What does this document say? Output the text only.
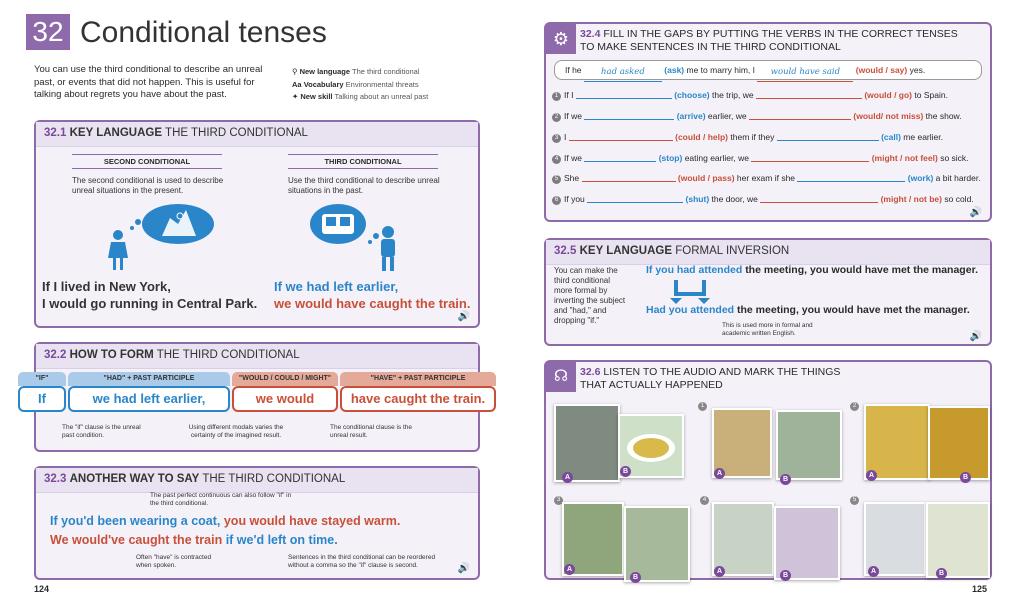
32 Conditional tenses
You can use the third conditional to describe an unreal past, or events that did not happen. This is useful for talking about regrets you have about the past.
⚲ New language The third conditional
Aa Vocabulary Environmental threats
✦ New skill Talking about an unreal past
32.1 KEY LANGUAGE THE THIRD CONDITIONAL
SECOND CONDITIONAL
The second conditional is used to describe unreal situations in the present.
THIRD CONDITIONAL
Use the third conditional to describe unreal situations in the past.
If I lived in New York,
I would go running in Central Park.
If we had left earlier,
we would have caught the train.
🔊
32.2 HOW TO FORM THE THIRD CONDITIONAL
"IF"	"HAD" + PAST PARTICIPLE	"WOULD / COULD / MIGHT"	"HAVE" + PAST PARTICIPLE
If	we had left earlier,	we would	have caught the train.
The "if" clause is the unreal past condition.
Using different modals varies the certainty of the imagined result.
The conditional clause is the unreal result.
32.3 ANOTHER WAY TO SAY THE THIRD CONDITIONAL
The past perfect continuous can also follow "if" in the third conditional.
If you'd been wearing a coat, you would have stayed warm.
We would've caught the train if we'd left on time.
Often "have" is contracted when spoken.
Sentences in the third conditional can be reordered without a comma so the "if" clause is second.	🔊
124
⚙	32.4 FILL IN THE GAPS BY PUTTING THE VERBS IN THE CORRECT TENSES
TO MAKE SENTENCES IN THE THIRD CONDITIONAL
If he had asked (ask) me to marry him, I would have said (would / say) yes.
🔊
1 If I	(choose) the trip, we	(would / go) to Spain.
2 If we	(arrive) earlier, we	(would/ not miss) the show.
3 I	(could / help) them if they	(call) me earlier.
4 If we	(stop) eating earlier, we	(might / not feel) so sick.
5 She	(would / pass) her exam if she	(work) a bit harder.
6 If you	(shut) the door, we	(might / not be) so cold.
32.5 KEY LANGUAGE FORMAL INVERSION
You can make the third conditional more formal by inverting the subject and "had," and dropping "if."
If you had attended the meeting, you would have met the manager.
Had you attended the meeting, you would have met the manager.
This is used more in formal and academic written English.	🔊
☊	32.6 LISTEN TO THE AUDIO AND MARK THE THINGS
THAT ACTUALLY HAPPENED
A
B
1
A
B
2
A	B
3
A
B
4
A
B
5
A	B
125
